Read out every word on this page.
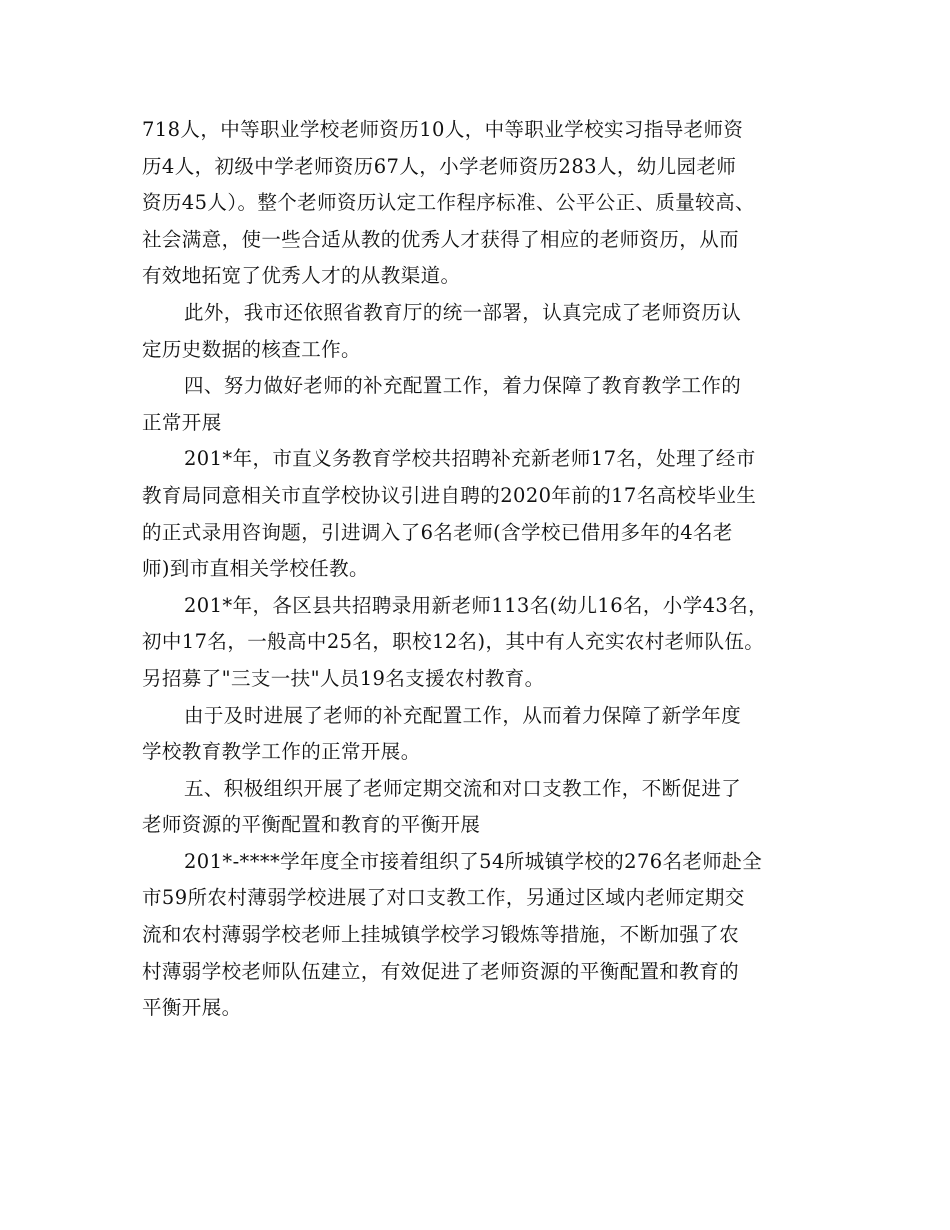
718人，中等职业学校老师资历10人，中等职业学校实习指导老师资
历4人，初级中学老师资历67人，小学老师资历283人，幼儿园老师
资历45人）。整个老师资历认定工作程序标准、公平公正、质量较高、
社会满意，使一些合适从教的优秀人才获得了相应的老师资历，从而
有效地拓宽了优秀人才的从教渠道。
此外，我市还依照省教育厅的统一部署，认真完成了老师资历认
定历史数据的核查工作。
四、努力做好老师的补充配置工作，着力保障了教育教学工作的
正常开展
201*年，市直义务教育学校共招聘补充新老师17名，处理了经市
教育局同意相关市直学校协议引进自聘的2020年前的17名高校毕业生
的正式录用咨询题，引进调入了6名老师(含学校已借用多年的4名老
师)到市直相关学校任教。
201*年，各区县共招聘录用新老师113名(幼儿16名，小学43名，
初中17名，一般高中25名，职校12名)，其中有人充实农村老师队伍。
另招募了"三支一扶"人员19名支援农村教育。
由于及时进展了老师的补充配置工作，从而着力保障了新学年度
学校教育教学工作的正常开展。
五、积极组织开展了老师定期交流和对口支教工作，不断促进了
老师资源的平衡配置和教育的平衡开展
201*-****学年度全市接着组织了54所城镇学校的276名老师赴全
市59所农村薄弱学校进展了对口支教工作，另通过区域内老师定期交
流和农村薄弱学校老师上挂城镇学校学习锻炼等措施，不断加强了农
村薄弱学校老师队伍建立，有效促进了老师资源的平衡配置和教育的
平衡开展。
